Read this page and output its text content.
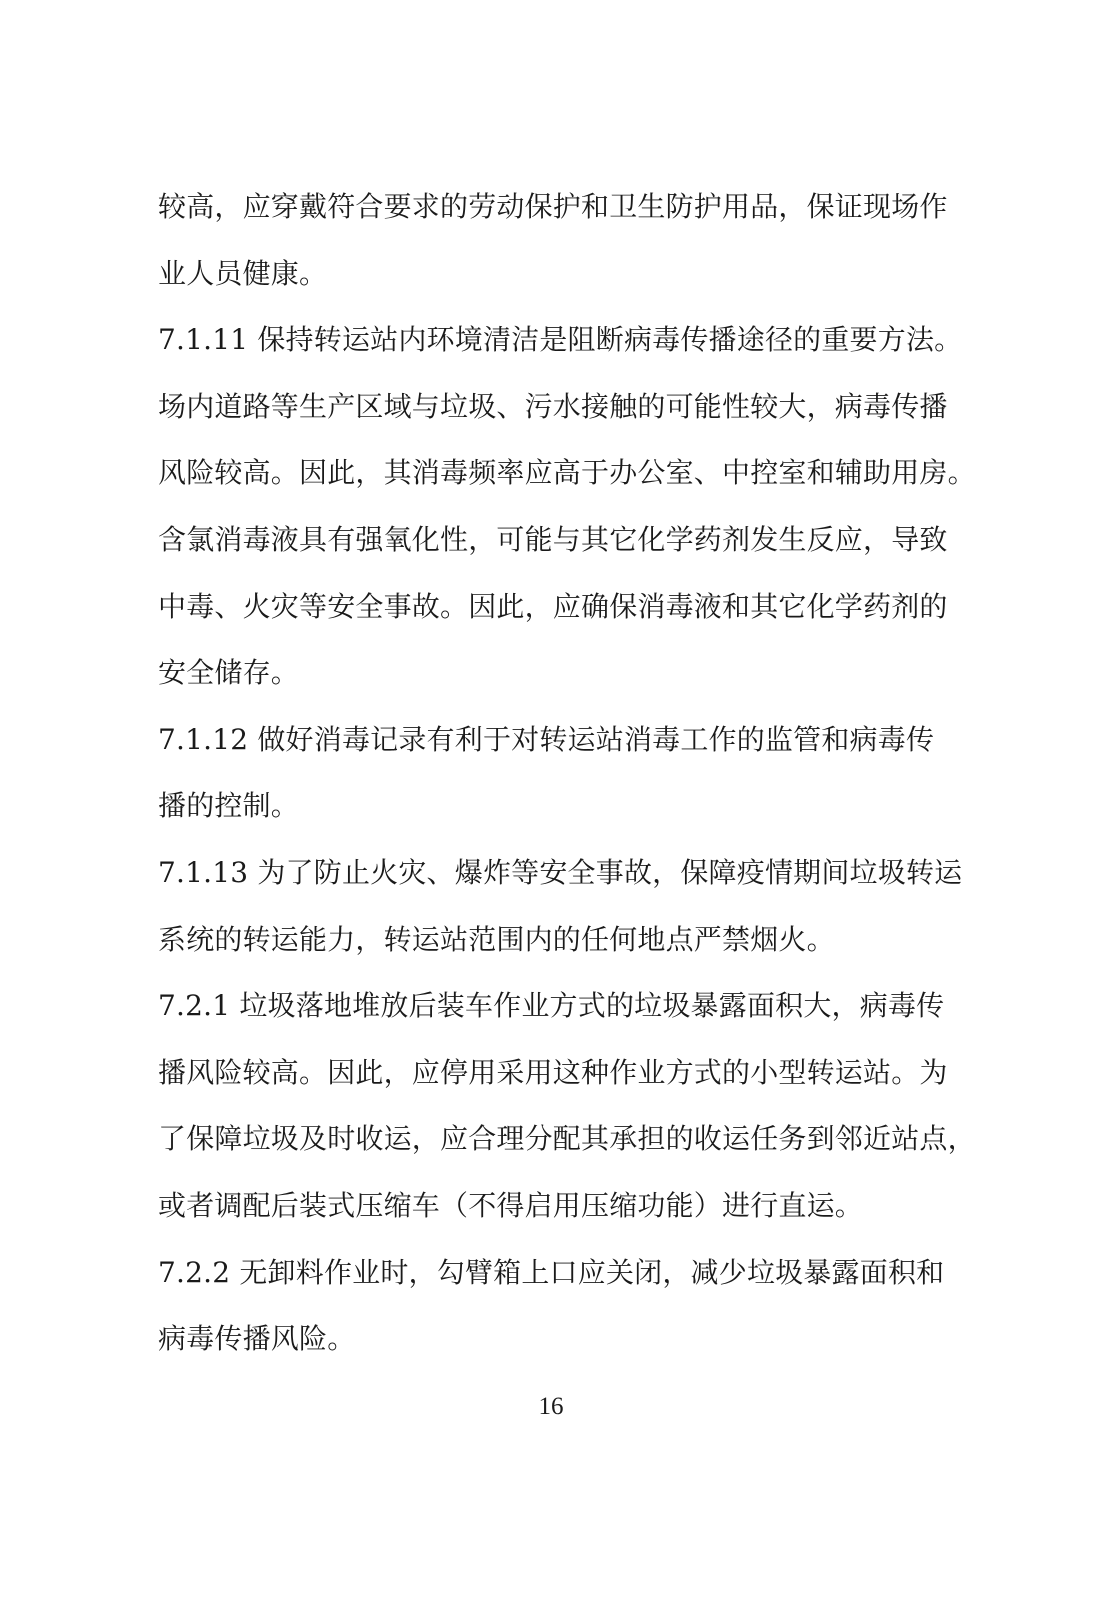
较高，应穿戴符合要求的劳动保护和卫生防护用品，保证现场作
业人员健康。
7.1.11 保持转运站内环境清洁是阻断病毒传播途径的重要方法。
场内道路等生产区域与垃圾、污水接触的可能性较大，病毒传播
风险较高。因此，其消毒频率应高于办公室、中控室和辅助用房。
含氯消毒液具有强氧化性，可能与其它化学药剂发生反应，导致
中毒、火灾等安全事故。因此，应确保消毒液和其它化学药剂的
安全储存。
7.1.12 做好消毒记录有利于对转运站消毒工作的监管和病毒传
播的控制。
7.1.13 为了防止火灾、爆炸等安全事故，保障疫情期间垃圾转运
系统的转运能力，转运站范围内的任何地点严禁烟火。
7.2.1 垃圾落地堆放后装车作业方式的垃圾暴露面积大，病毒传
播风险较高。因此，应停用采用这种作业方式的小型转运站。为
了保障垃圾及时收运，应合理分配其承担的收运任务到邻近站点，
或者调配后装式压缩车（不得启用压缩功能）进行直运。
7.2.2 无卸料作业时，勾臂箱上口应关闭，减少垃圾暴露面积和
病毒传播风险。
16
